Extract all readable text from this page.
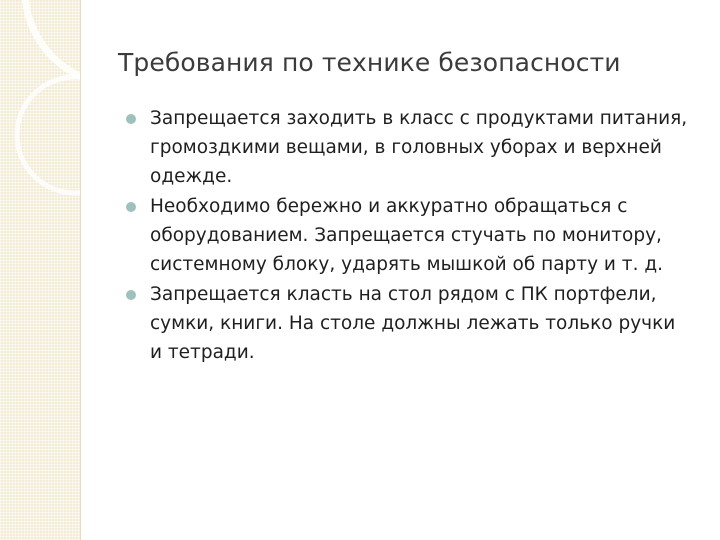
Требования по технике безопасности
Запрещается заходить в класс с продуктами питания, громоздкими вещами, в головных уборах и верхней одежде.
Необходимо бережно и аккуратно обращаться с оборудованием. Запрещается стучать по монитору, системному блоку, ударять мышкой об парту и т. д.
Запрещается класть на стол рядом с ПК портфели, сумки, книги. На столе должны лежать только ручки и тетради.
